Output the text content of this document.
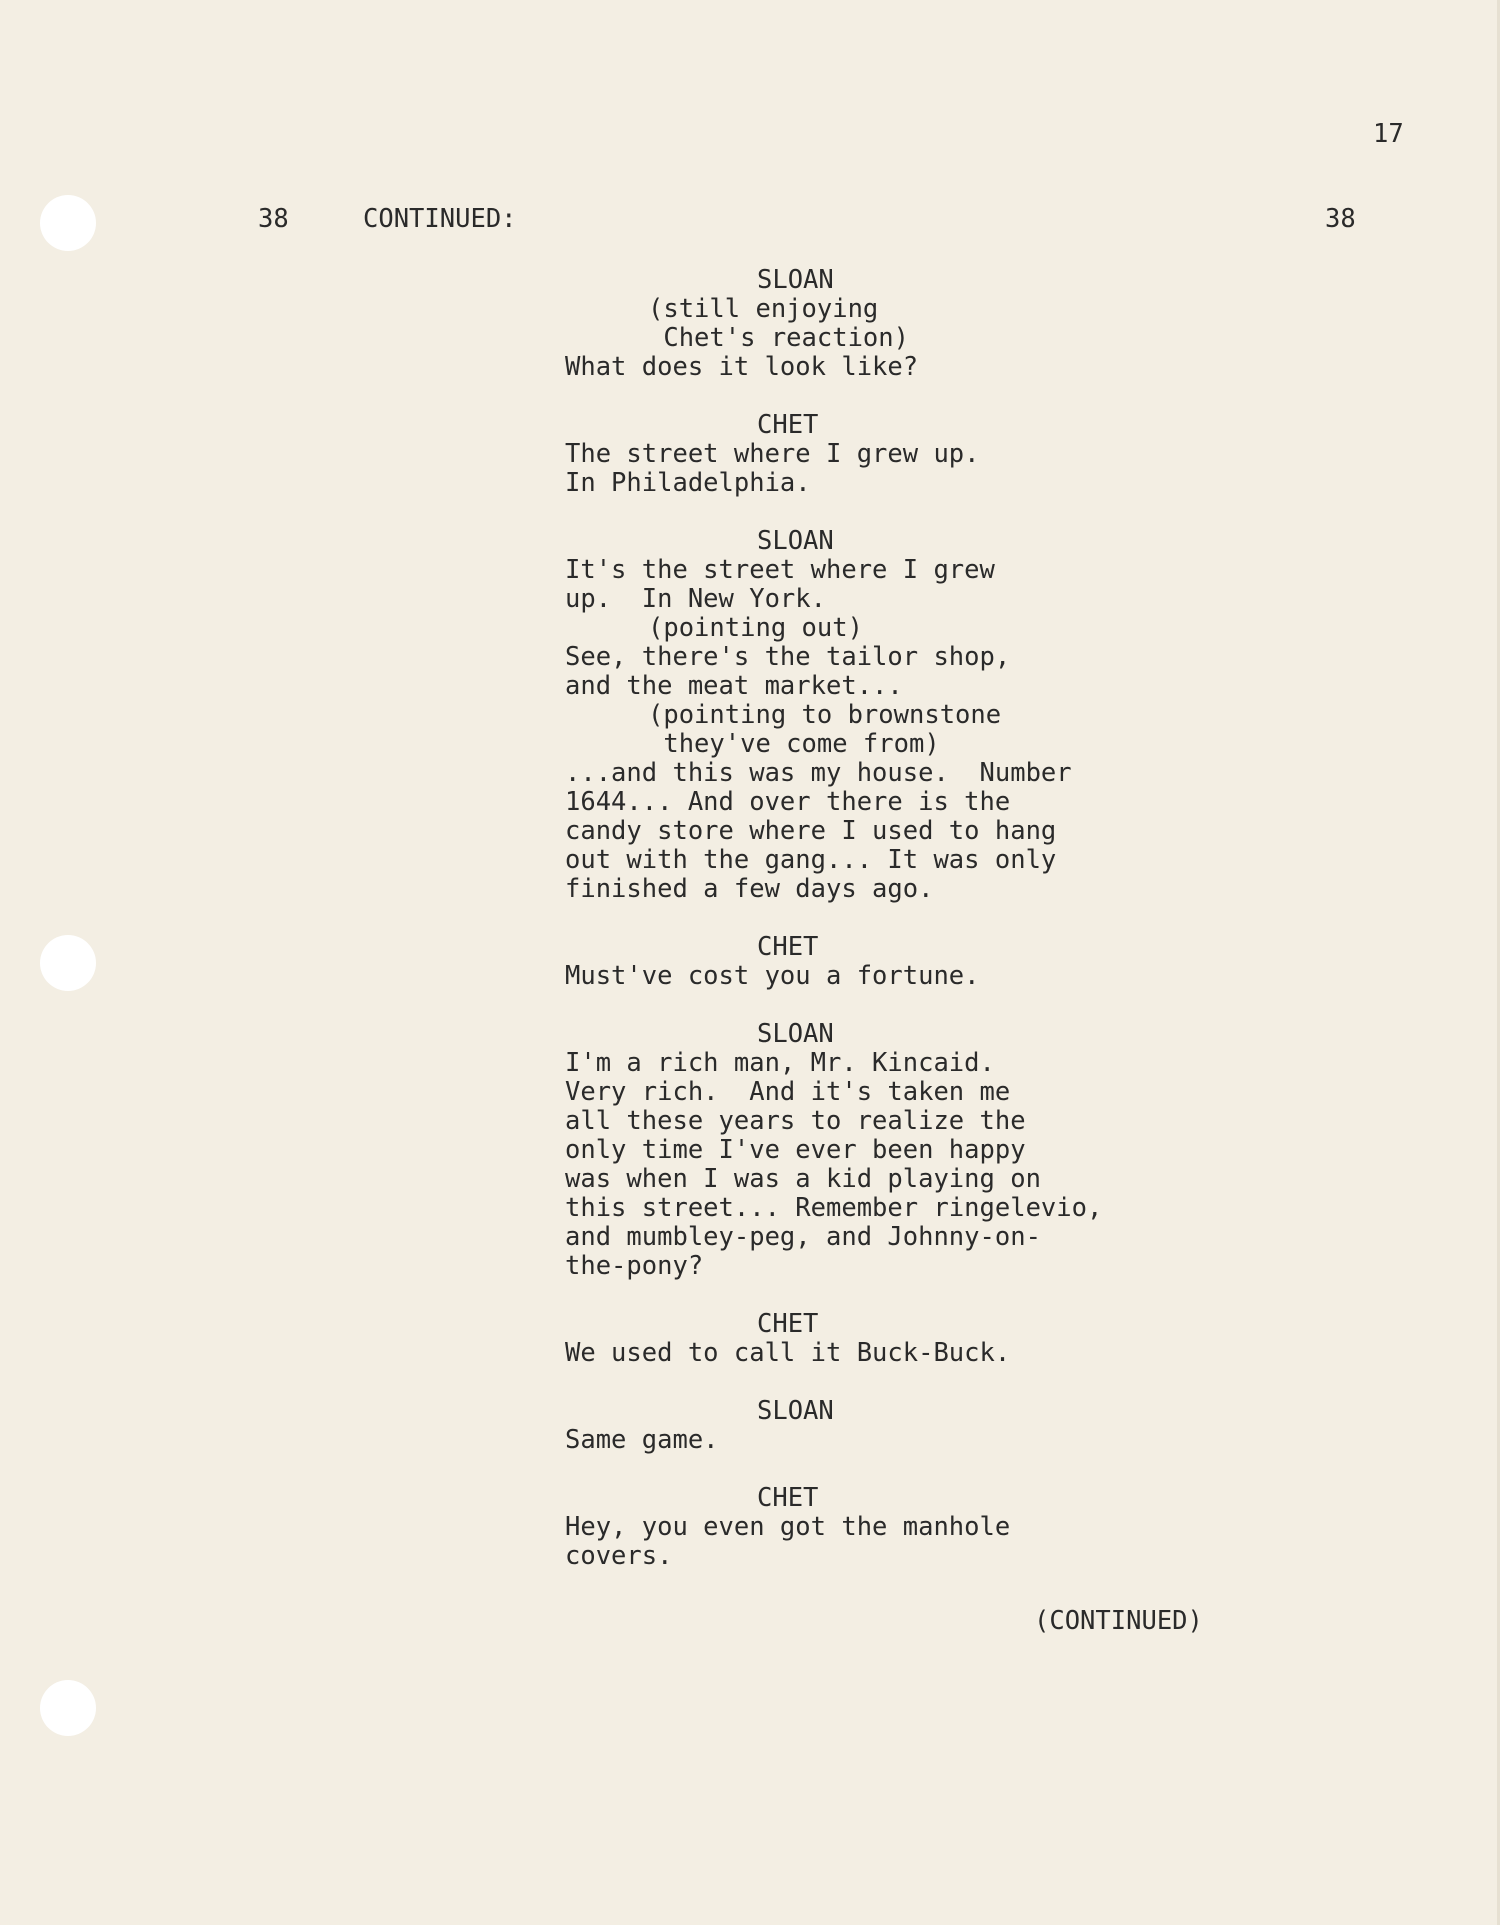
17

38	CONTINUED:	38

SLOAN
(still enjoying
Chet's reaction)
What does it look like?
CHET
The street where I grew up.
In Philadelphia.
SLOAN
It's the street where I grew
up.  In New York.
(pointing out)
See, there's the tailor shop,
and the meat market...
(pointing to brownstone
they've come from)
...and this was my house.  Number
1644... And over there is the
candy store where I used to hang
out with the gang... It was only
finished a few days ago.
CHET
Must've cost you a fortune.
SLOAN
I'm a rich man, Mr. Kincaid.
Very rich.  And it's taken me
all these years to realize the
only time I've ever been happy
was when I was a kid playing on
this street... Remember ringelevio,
and mumbley-peg, and Johnny-on-
the-pony?
CHET
We used to call it Buck-Buck.
SLOAN
Same game.
CHET
Hey, you even got the manhole
covers.

(CONTINUED)
